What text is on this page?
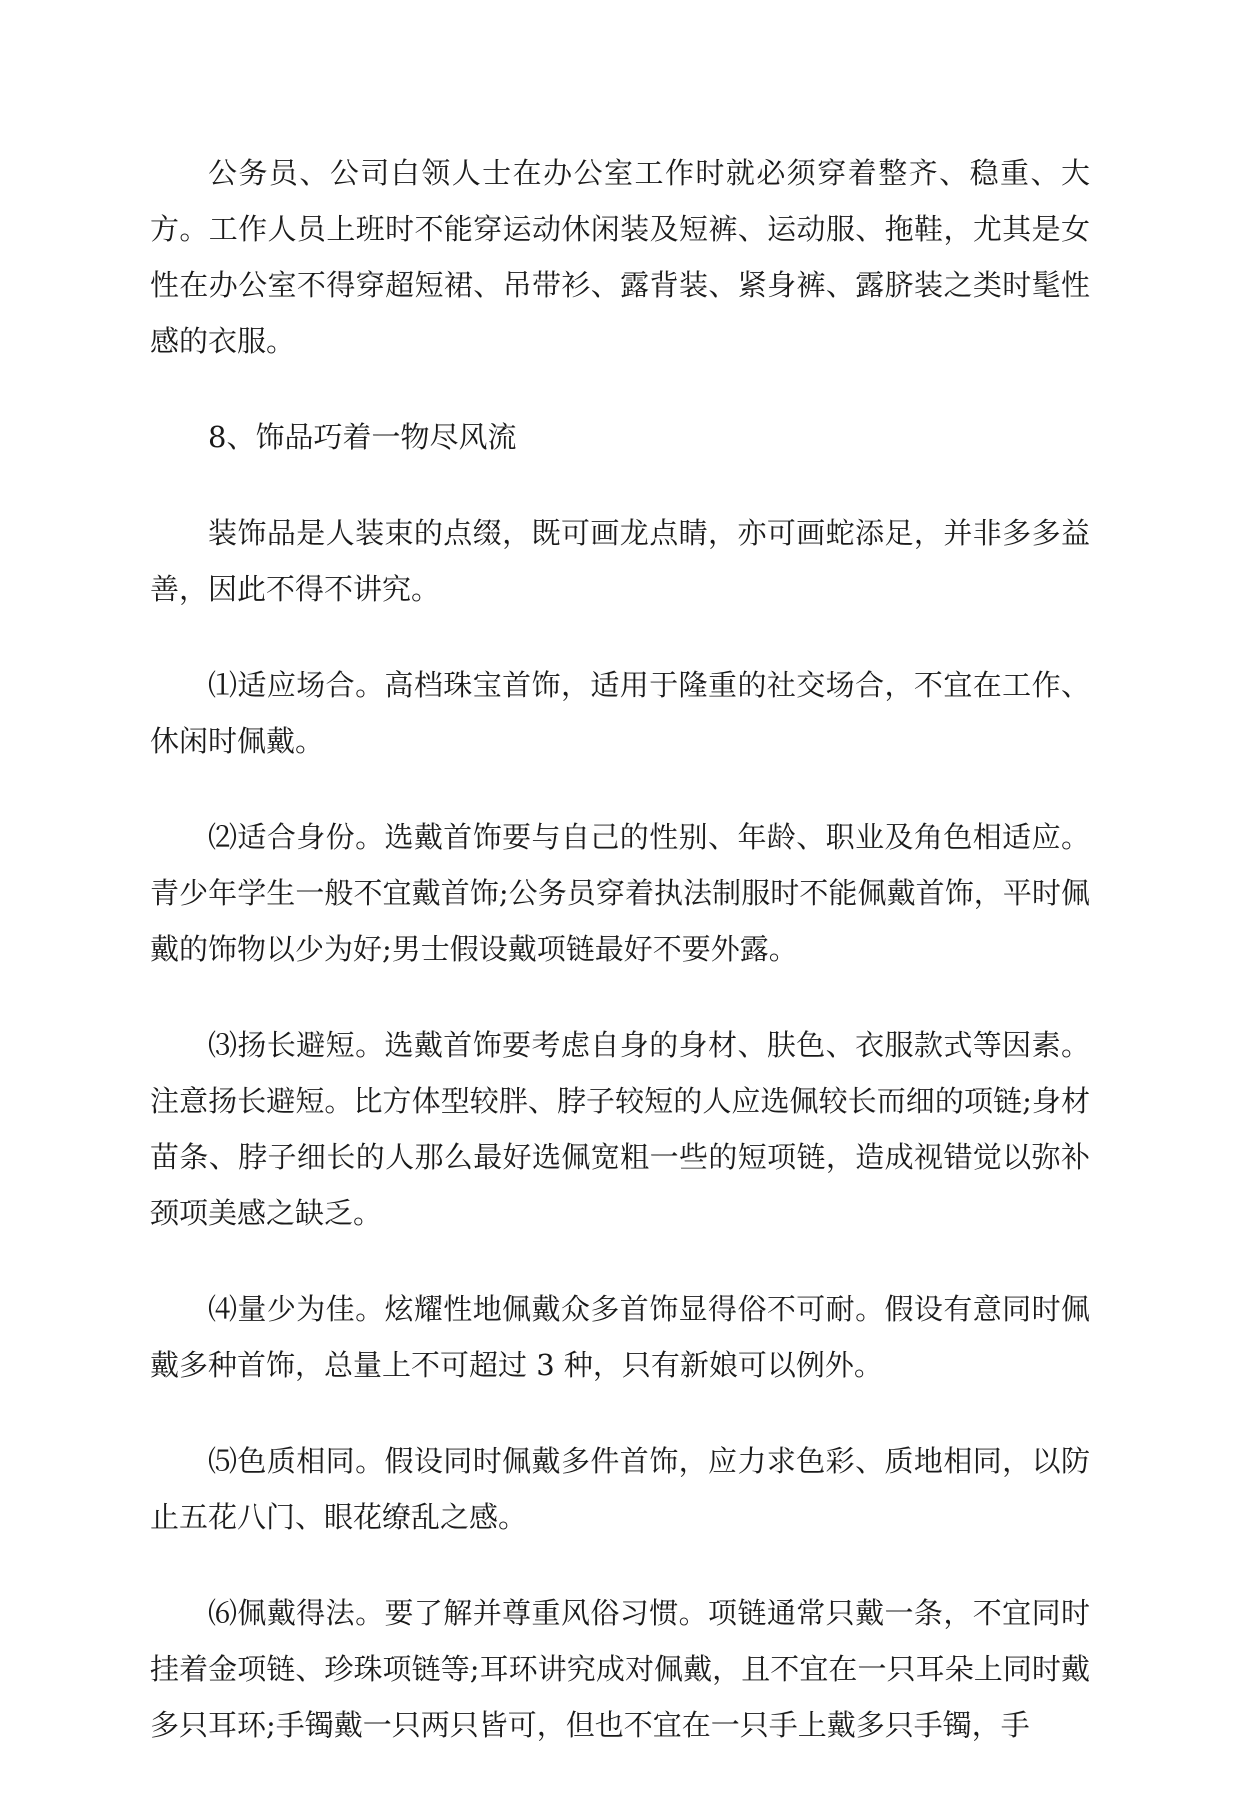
公务员、公司白领人士在办公室工作时就必须穿着整齐、稳重、大方。工作人员上班时不能穿运动休闲装及短裤、运动服、拖鞋，尤其是女性在办公室不得穿超短裙、吊带衫、露背装、紧身裤、露脐装之类时髦性感的衣服。

8、饰品巧着一物尽风流

装饰品是人装束的点缀，既可画龙点睛，亦可画蛇添足，并非多多益善，因此不得不讲究。

⑴适应场合。高档珠宝首饰，适用于隆重的社交场合，不宜在工作、休闲时佩戴。

⑵适合身份。选戴首饰要与自己的性别、年龄、职业及角色相适应。青少年学生一般不宜戴首饰;公务员穿着执法制服时不能佩戴首饰，平时佩戴的饰物以少为好;男士假设戴项链最好不要外露。

⑶扬长避短。选戴首饰要考虑自身的身材、肤色、衣服款式等因素。注意扬长避短。比方体型较胖、脖子较短的人应选佩较长而细的项链;身材苗条、脖子细长的人那么最好选佩宽粗一些的短项链，造成视错觉以弥补颈项美感之缺乏。

⑷量少为佳。炫耀性地佩戴众多首饰显得俗不可耐。假设有意同时佩戴多种首饰，总量上不可超过 3 种，只有新娘可以例外。

⑸色质相同。假设同时佩戴多件首饰，应力求色彩、质地相同，以防止五花八门、眼花缭乱之感。

⑹佩戴得法。要了解并尊重风俗习惯。项链通常只戴一条，不宜同时挂着金项链、珍珠项链等;耳环讲究成对佩戴，且不宜在一只耳朵上同时戴多只耳环;手镯戴一只两只皆可，但也不宜在一只手上戴多只手镯，手
